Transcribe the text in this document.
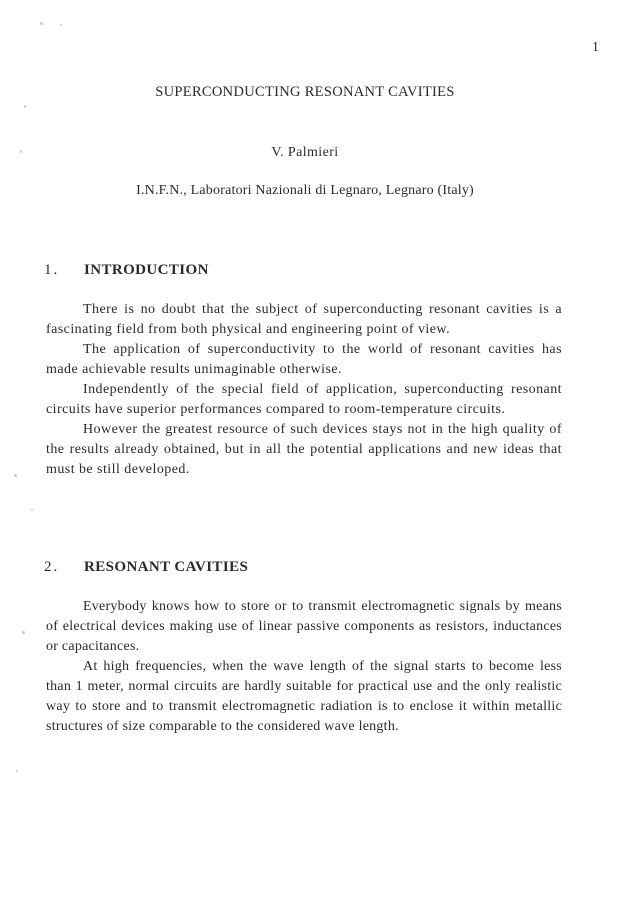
1
SUPERCONDUCTING RESONANT CAVITIES
V. Palmieri
I.N.F.N., Laboratori Nazionali di Legnaro, Legnaro (Italy)
1. INTRODUCTION

There is no doubt that the subject of superconducting resonant cavities is a fascinating field from both physical and engineering point of view.

The application of superconductivity to the world of resonant cavities has made achievable results unimaginable otherwise.

Independently of the special field of application, superconducting resonant circuits have superior performances compared to room-temperature circuits.

However the greatest resource of such devices stays not in the high quality of the results already obtained, but in all the potential applications and new ideas that must be still developed.

2. RESONANT CAVITIES

Everybody knows how to store or to transmit electromagnetic signals by means of electrical devices making use of linear passive components as resistors, inductances or capacitances.

At high frequencies, when the wave length of the signal starts to become less than 1 meter, normal circuits are hardly suitable for practical use and the only realistic way to store and to transmit electromagnetic radiation is to enclose it within metallic structures of size comparable to the considered wave length.
